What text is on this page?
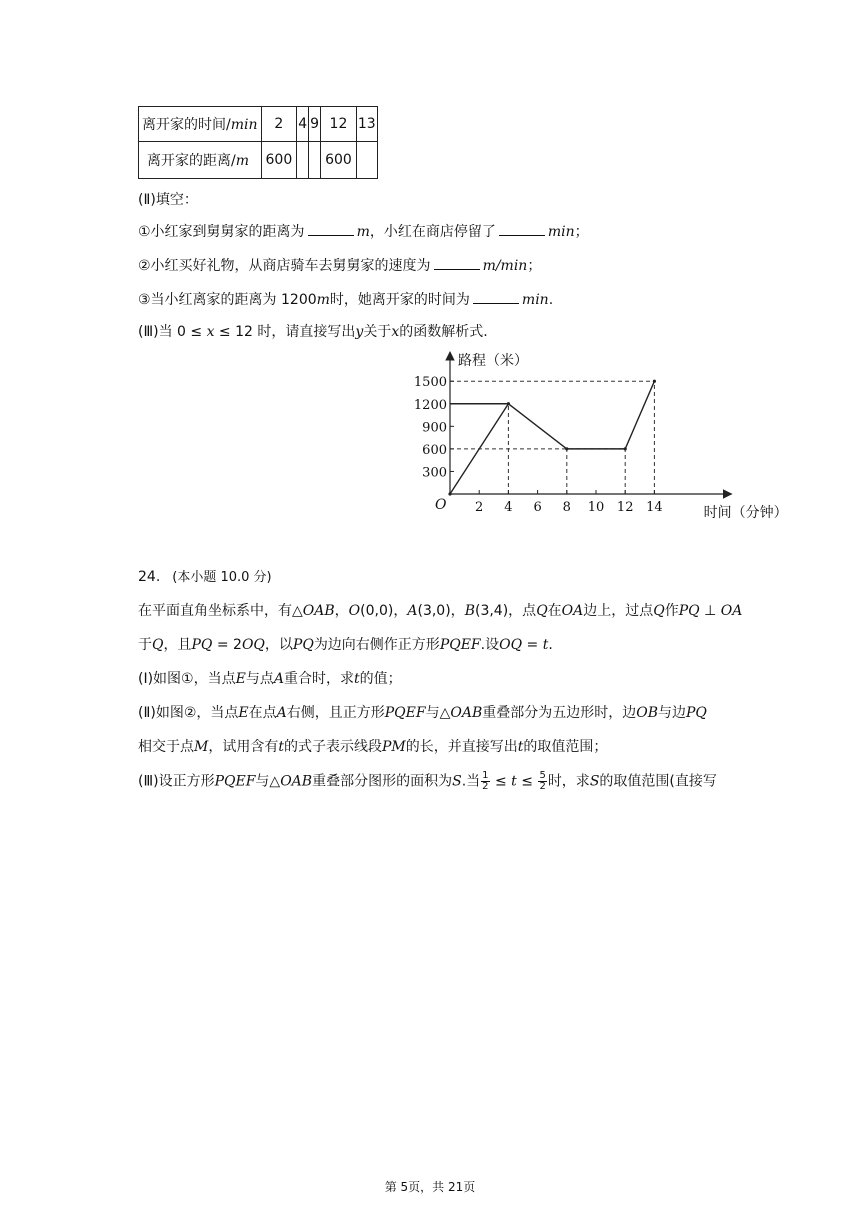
离开家的时间/min	2	4	9	12	13
离开家的距离/m	600			600	
(Ⅱ)填空：
①小红家到舅舅家的距离为	m，小红在商店停留了	min；
②小红买好礼物，从商店骑车去舅舅家的速度为	m/min；
③当小红离家的距离为 1200m时，她离开家的时间为	min.
(Ⅲ)当 0 ≤ x ≤ 12 时，请直接写出y关于x的函数解析式.
2 4 6 8 10 12 14
300
600
900
1200
1500
路程（米）
时间（分钟）
O
24. (本小题 10.0 分)
在平面直角坐标系中，有△OAB，O(0,0)，A(3,0)，B(3,4)，点Q在OA边上，过点Q作PQ ⊥ OA
于Q，且PQ = 2OQ，以PQ为边向右侧作正方形PQEF.设OQ = t.
(Ⅰ)如图①，当点E与点A重合时，求t的值；
(Ⅱ)如图②，当点E在点A右侧，且正方形PQEF与△OAB重叠部分为五边形时，边OB与边PQ
相交于点M，试用含有t的式子表示线段PM的长，并直接写出t的取值范围；
(Ⅲ)设正方形PQEF与△OAB重叠部分图形的面积为S.当 $\frac{1}{2} \le t \le \frac{5}{2}$ 时，求S的取值范围(直接写
第 5页，共 21页
